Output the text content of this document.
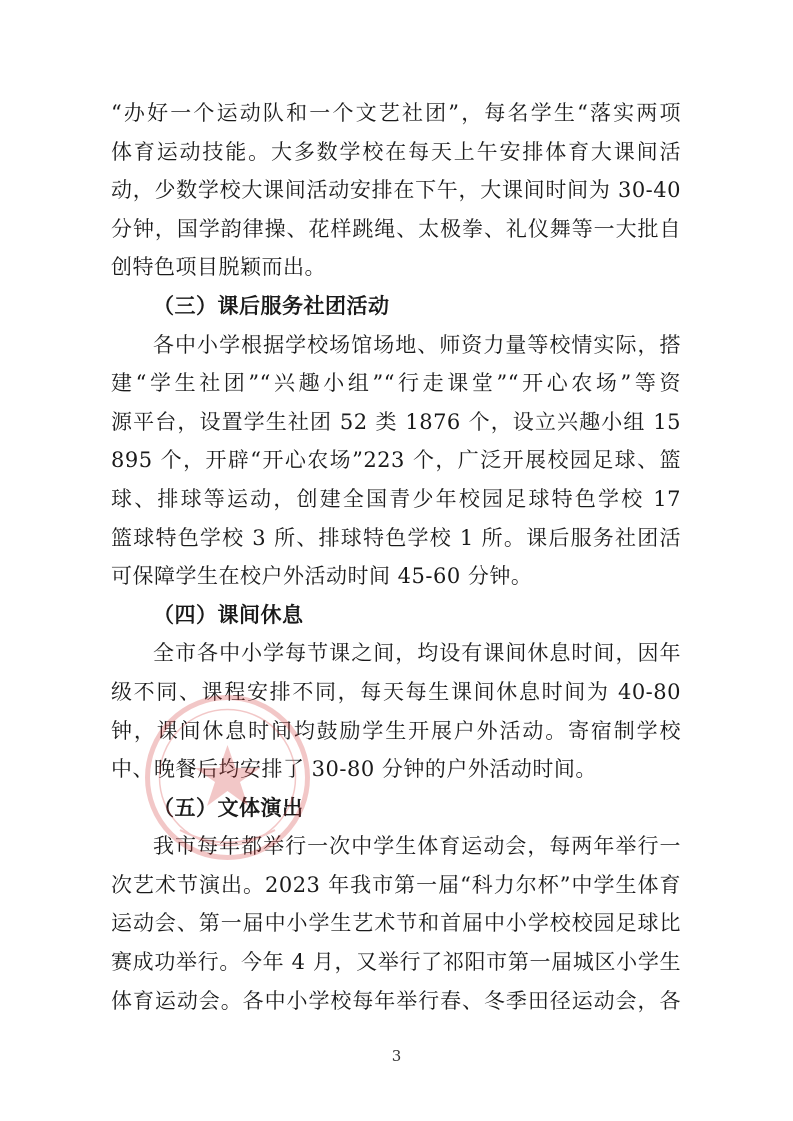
“办好一个运动队和一个文艺社团”，每名学生“落实两项
体育运动技能。大多数学校在每天上午安排体育大课间活
动，少数学校大课间活动安排在下午，大课间时间为 30-40
分钟，国学韵律操、花样跳绳、太极拳、礼仪舞等一大批自
创特色项目脱颖而出。
（三）课后服务社团活动
各中小学根据学校场馆场地、师资力量等校情实际，搭
建“学生社团”“兴趣小组”“行走课堂”“开心农场”等资
源平台，设置学生社团 52 类 1876 个，设立兴趣小组 15
895 个，开辟“开心农场”223 个，广泛开展校园足球、篮
球、排球等运动，创建全国青少年校园足球特色学校 17
篮球特色学校 3 所、排球特色学校 1 所。课后服务社团活
可保障学生在校户外活动时间 45-60 分钟。
（四）课间休息
全市各中小学每节课之间，均设有课间休息时间，因年
级不同、课程安排不同，每天每生课间休息时间为 40-80
钟，课间休息时间均鼓励学生开展户外活动。寄宿制学校
中、晚餐后均安排了 30-80 分钟的户外活动时间。
（五）文体演出
我市每年都举行一次中学生体育运动会，每两年举行一
次艺术节演出。2023 年我市第一届“科力尔杯”中学生体育
运动会、第一届中小学生艺术节和首届中小学校校园足球比
赛成功举行。今年 4 月，又举行了祁阳市第一届城区小学生
体育运动会。各中小学校每年举行春、冬季田径运动会，各
3
